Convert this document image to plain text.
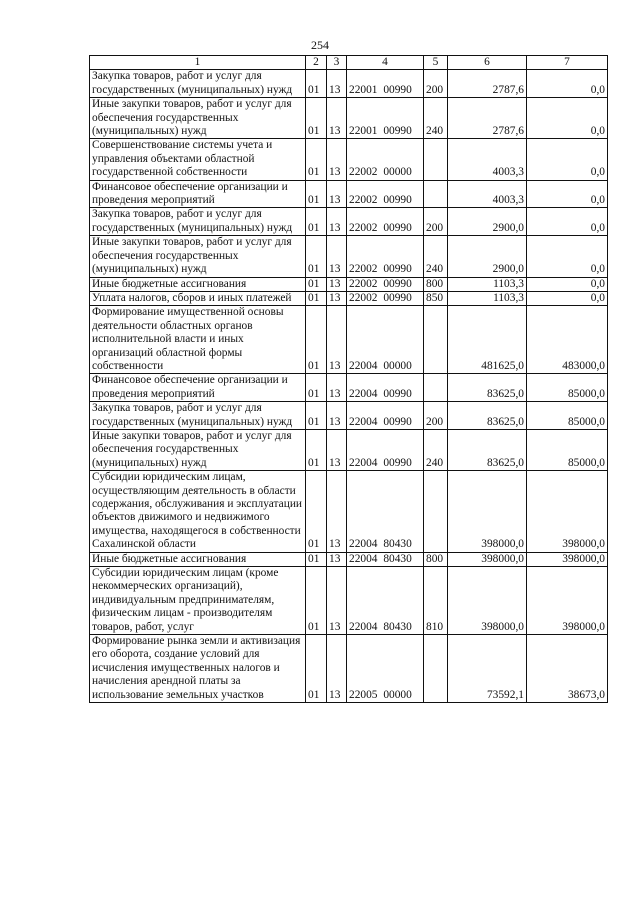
254
1	2	3	4	5	6	7
Закупка товаров, работ и услуг для государственных (муниципальных) нужд	01	13	22001 00990	200	2787,6	0,0
Иные закупки товаров, работ и услуг для обеспечения государственных (муниципальных) нужд	01	13	22001 00990	240	2787,6	0,0
Совершенствование системы учета и управления объектами областной государственной собственности	01	13	22002 00000		4003,3	0,0
Финансовое обеспечение организации и проведения мероприятий	01	13	22002 00990		4003,3	0,0
Закупка товаров, работ и услуг для государственных (муниципальных) нужд	01	13	22002 00990	200	2900,0	0,0
Иные закупки товаров, работ и услуг для обеспечения государственных (муниципальных) нужд	01	13	22002 00990	240	2900,0	0,0
Иные бюджетные ассигнования	01	13	22002 00990	800	1103,3	0,0
Уплата налогов, сборов и иных платежей	01	13	22002 00990	850	1103,3	0,0
Формирование имущественной основы деятельности областных органов исполнительной власти и иных организаций областной формы собственности	01	13	22004 00000		481625,0	483000,0
Финансовое обеспечение организации и проведения мероприятий	01	13	22004 00990		83625,0	85000,0
Закупка товаров, работ и услуг для государственных (муниципальных) нужд	01	13	22004 00990	200	83625,0	85000,0
Иные закупки товаров, работ и услуг для обеспечения государственных (муниципальных) нужд	01	13	22004 00990	240	83625,0	85000,0
Субсидии юридическим лицам, осуществляющим деятельность в области содержания, обслуживания и эксплуатации объектов движимого и недвижимого имущества, находящегося в собственности Сахалинской области	01	13	22004 80430		398000,0	398000,0
Иные бюджетные ассигнования	01	13	22004 80430	800	398000,0	398000,0
Субсидии юридическим лицам (кроме некоммерческих организаций), индивидуальным предпринимателям, физическим лицам - производителям товаров, работ, услуг	01	13	22004 80430	810	398000,0	398000,0
Формирование рынка земли и активизация его оборота, создание условий для исчисления имущественных налогов и начисления арендной платы за использование земельных участков	01	13	22005 00000		73592,1	38673,0
